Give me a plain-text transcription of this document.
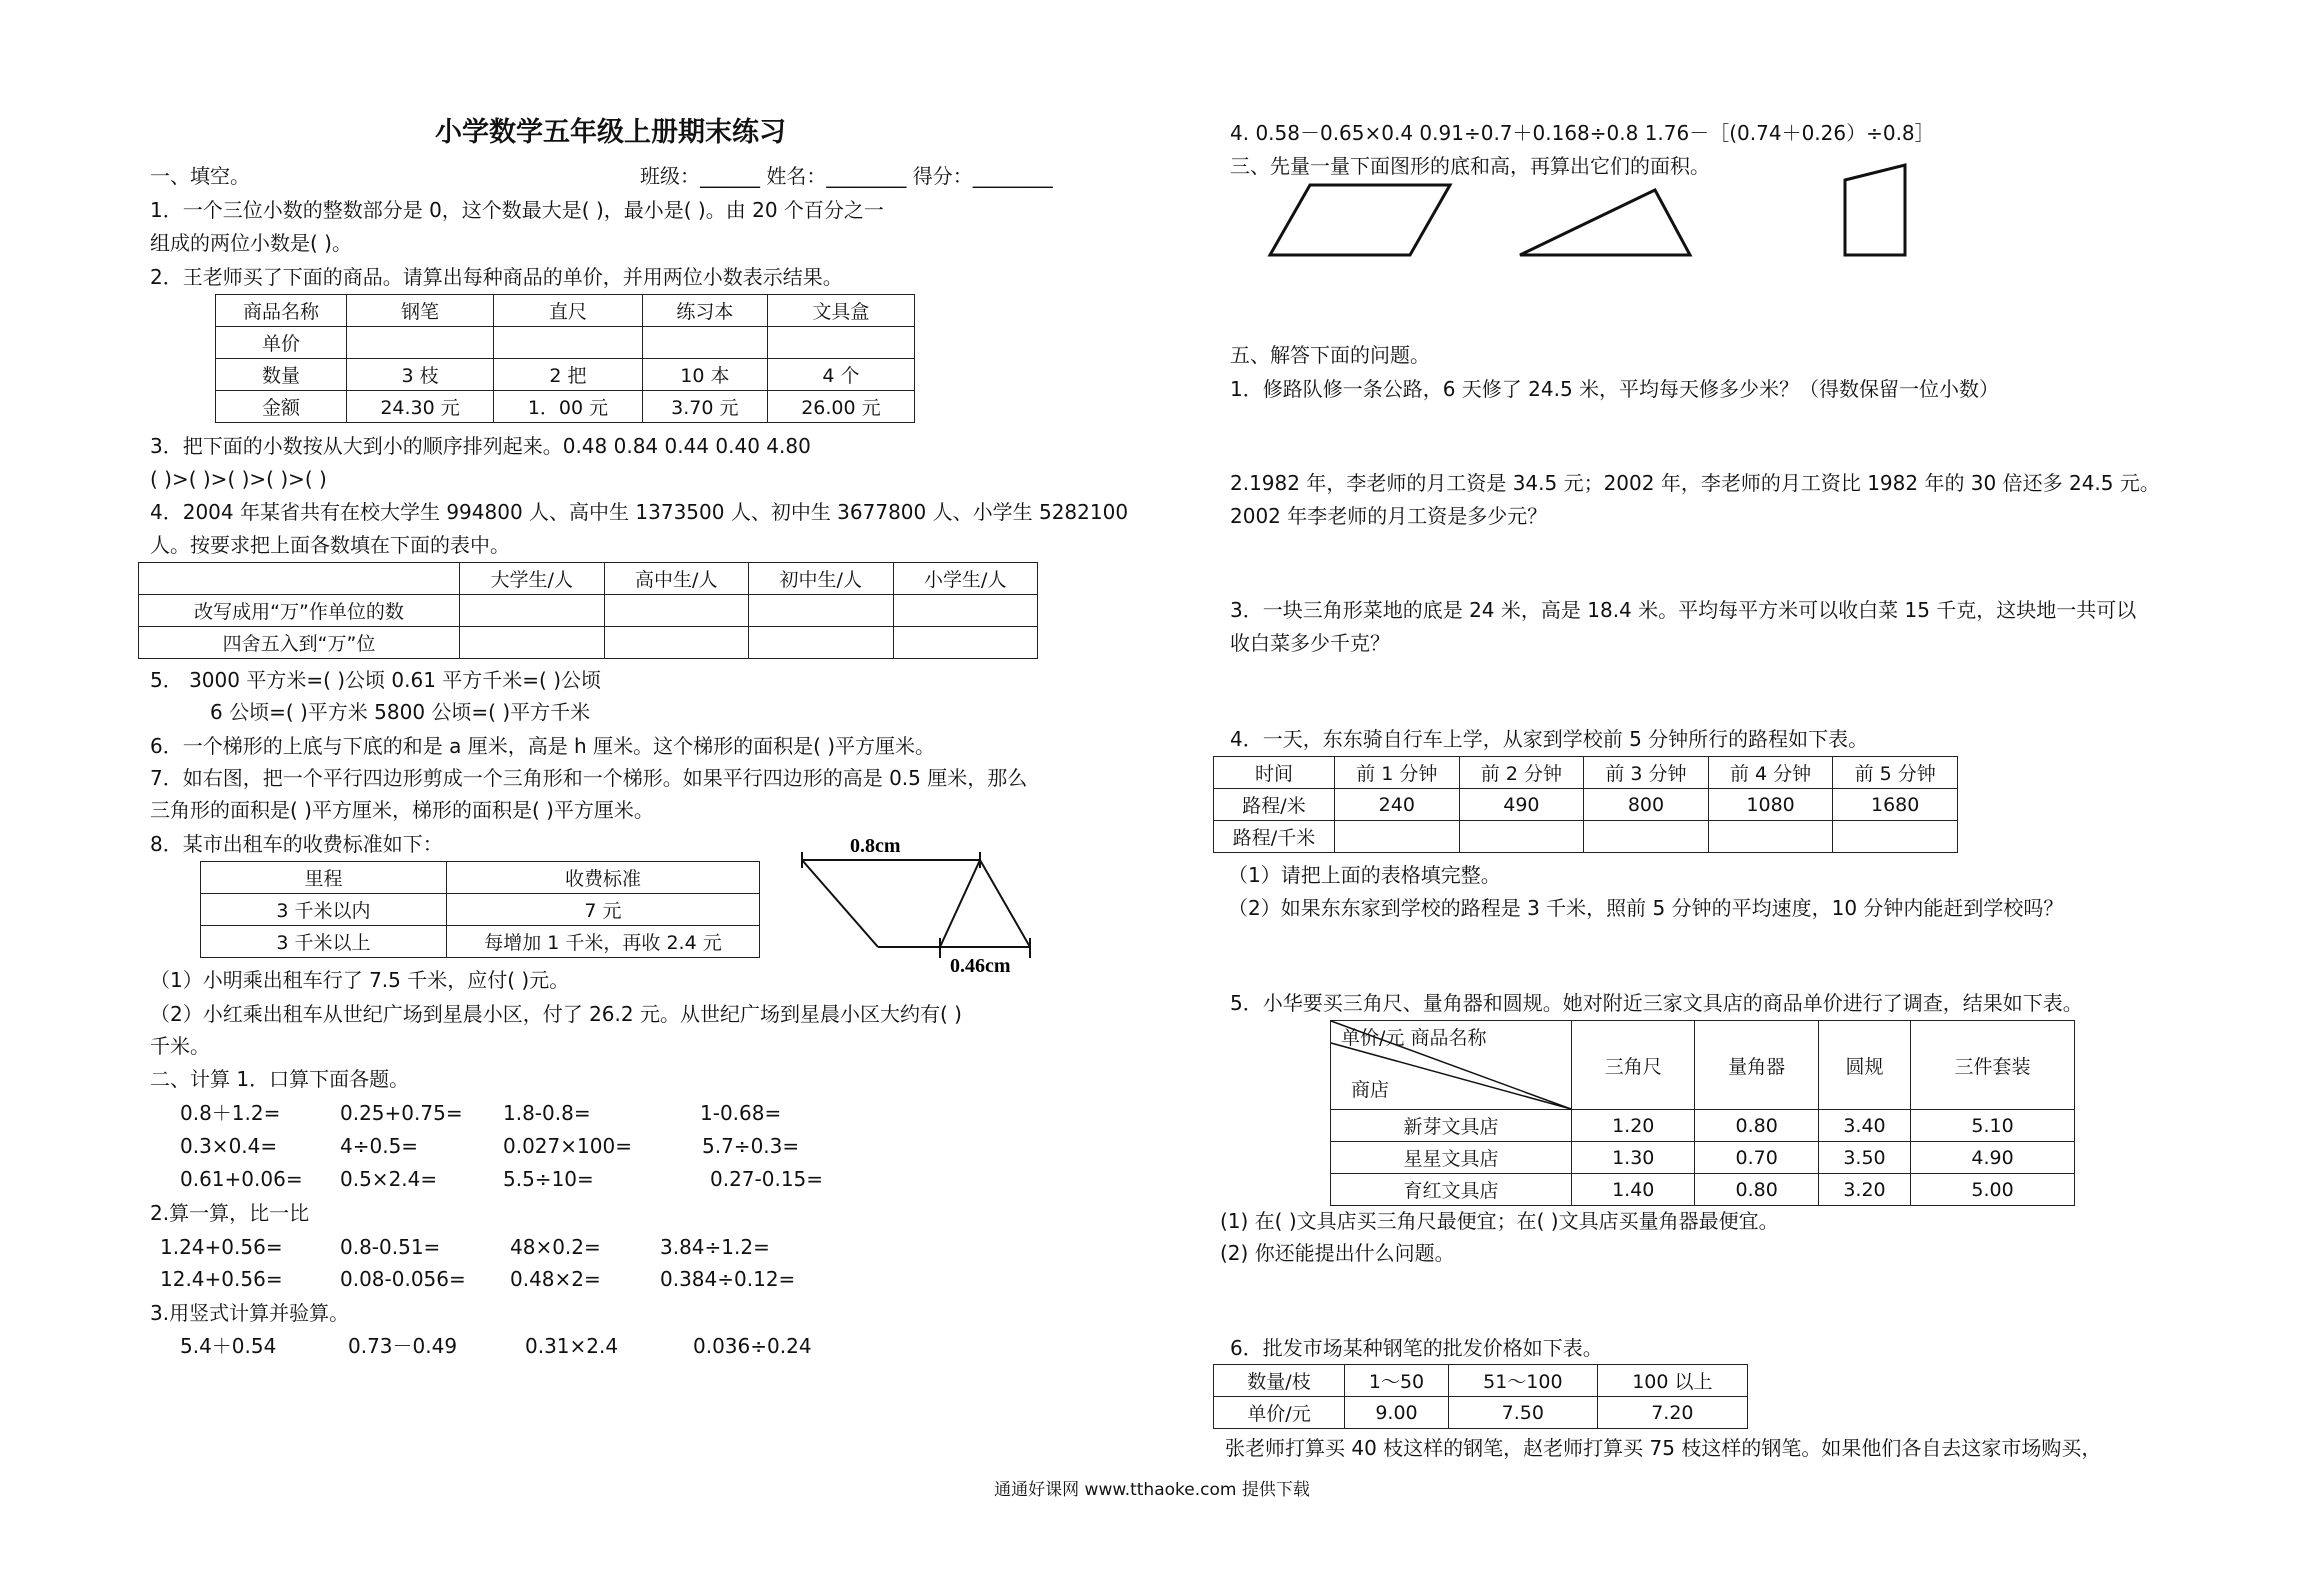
小学数学五年级上册期末练习
一、填空。	班级：______ 姓名：________ 得分：________
1．一个三位小数的整数部分是 0，这个数最大是( )，最小是( )。由 20 个百分之一
组成的两位小数是( )。
2．王老师买了下面的商品。请算出每种商品的单价，并用两位小数表示结果。
商品名称	钢笔	直尺	练习本	文具盒
单价				
数量	3 枝	2 把	10 本	4 个
金额	24.30 元	1．00 元	3.70 元	26.00 元
3．把下面的小数按从大到小的顺序排列起来。0.48 0.84 0.44 0.40 4.80
( )>( )>( )>( )>( )
4．2004 年某省共有在校大学生 994800 人、高中生 1373500 人、初中生 3677800 人、小学生 5282100
人。按要求把上面各数填在下面的表中。
	大学生/人	高中生/人	初中生/人	小学生/人
改写成用“万”作单位的数				
四舍五入到“万”位				
5． 3000 平方米=( )公顷 0.61 平方千米=( )公顷
6 公顷=( )平方米 5800 公顷=( )平方千米
6．一个梯形的上底与下底的和是 a 厘米，高是 h 厘米。这个梯形的面积是( )平方厘米。
7．如右图，把一个平行四边形剪成一个三角形和一个梯形。如果平行四边形的高是 0.5 厘米，那么
三角形的面积是( )平方厘米，梯形的面积是( )平方厘米。
8．某市出租车的收费标准如下：
里程	收费标准
3 千米以内	7 元
3 千米以上	每增加 1 千米，再收 2.4 元
0.8cm
0.46cm
（1）小明乘出租车行了 7.5 千米，应付( )元。
（2）小红乘出租车从世纪广场到星晨小区，付了 26.2 元。从世纪广场到星晨小区大约有( )
千米。
二、计算 1．口算下面各题。
0.8＋1.2=	0.25+0.75= 1.8-0.8=	1-0.68=
0.3×0.4=	4÷0.5=	0.027×100=	5.7÷0.3=
0.61+0.06= 0.5×2.4=	5.5÷10=	0.27-0.15=
2.算一算，比一比
1.24+0.56=	0.8-0.51=	48×0.2=	3.84÷1.2=
12.4+0.56=	0.08-0.056= 0.48×2=	0.384÷0.12=
3.用竖式计算并验算。
5.4＋0.54	0.73－0.49	0.31×2.4	0.036÷0.24
4. 0.58－0.65×0.4 0.91÷0.7＋0.168÷0.8 1.76－［(0.74＋0.26）÷0.8］
三、先量一量下面图形的底和高，再算出它们的面积。
五、解答下面的问题。
1．修路队修一条公路，6 天修了 24.5 米，平均每天修多少米？（得数保留一位小数）
2.1982 年，李老师的月工资是 34.5 元；2002 年，李老师的月工资比 1982 年的 30 倍还多 24.5 元。
2002 年李老师的月工资是多少元？
3．一块三角形菜地的底是 24 米，高是 18.4 米。平均每平方米可以收白菜 15 千克，这块地一共可以
收白菜多少千克？
4．一天，东东骑自行车上学，从家到学校前 5 分钟所行的路程如下表。
时间	前 1 分钟	前 2 分钟	前 3 分钟	前 4 分钟	前 5 分钟
路程/米	240	490	800	1080	1680
路程/千米					
（1）请把上面的表格填完整。
（2）如果东东家到学校的路程是 3 千米，照前 5 分钟的平均速度，10 分钟内能赶到学校吗？
5．小华要买三角尺、量角器和圆规。她对附近三家文具店的商品单价进行了调查，结果如下表。
单价/元 商品名称
商店	三角尺	量角器	圆规	三件套装
新芽文具店	1.20	0.80	3.40	5.10
星星文具店	1.30	0.70	3.50	4.90
育红文具店	1.40	0.80	3.20	5.00
(1) 在( )文具店买三角尺最便宜；在( )文具店买量角器最便宜。
(2) 你还能提出什么问题。
6．批发市场某种钢笔的批发价格如下表。
数量/枝	1～50	51～100	100 以上
单价/元	9.00	7.50	7.20
张老师打算买 40 枝这样的钢笔，赵老师打算买 75 枝这样的钢笔。如果他们各自去这家市场购买，
通通好课网 www.tthaoke.com 提供下载
